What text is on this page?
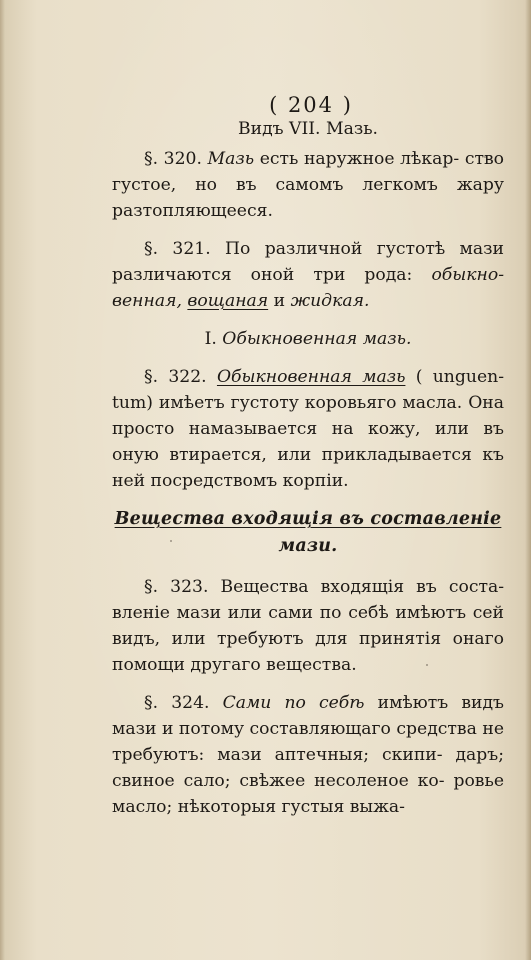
( 204 )
Видъ VII. Мазь.
§. 320. Мазь есть наружное лѣкар- ство густое, но въ самомъ легкомъ жару разтопляющееся.
§. 321. По различной густотѣ мази различаются оной три рода: обыкно- венная, вощаная и жидкая.
I. Обыкновенная мазь.
§. 322. Обыкновенная мазь ( unguen- tum) имѣетъ густоту коровьяго масла. Она просто намазывается на кожу, или въ оную втирается, или прикладывается къ ней посредствомъ корпіи.
Вещества входящія въ составленіе
мази.
§. 323. Вещества входящія въ соста- вленіе мази или сами по себѣ имѣютъ сей видъ, или требуютъ для принятія онаго помощи другаго вещества.
§. 324. Сами по себѣ имѣютъ видъ мази и потому составляющаго средства не требуютъ: мази аптечныя; скипи- даръ; свиное сало; свѣжее несоленое ко- ровье масло; нѣкоторыя густыя выжа-
